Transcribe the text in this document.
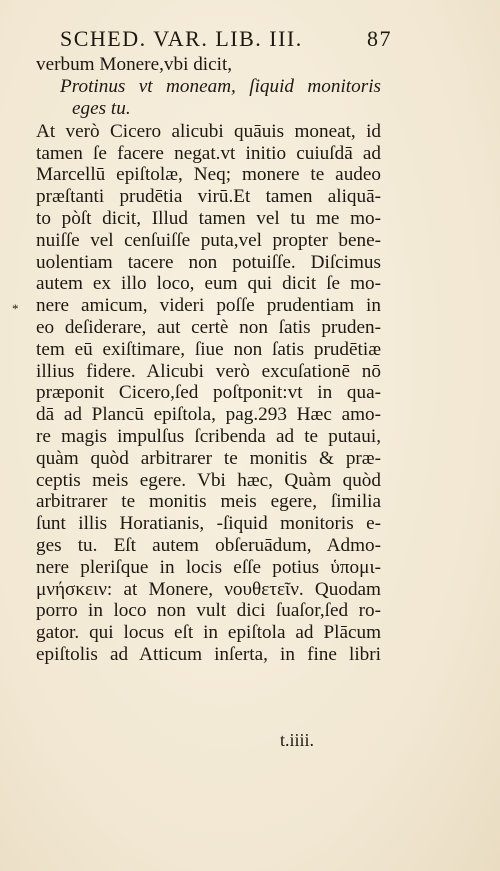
SCHED. VAR. LIB. III.	87
*
verbum Monere,vbi dicit,
Protinus vt moneam, ſiquid monitoris
eges tu.
At verò Cicero alicubi quāuis moneat, id
tamen ſe facere negat.vt initio cuiuſdā ad
Marcellū epiſtolæ, Neq; monere te audeo
præſtanti prudētia virū.Et tamen aliquā-
to pòſt dicit, Illud tamen vel tu me mo-
nuiſſe vel cenſuiſſe puta,vel propter bene-
uolentiam tacere non potuiſſe. Diſcimus
autem ex illo loco, eum qui dicit ſe mo-
nere amicum, videri poſſe prudentiam in
eo deſiderare, aut certè non ſatis pruden-
tem eū exiſtimare, ſiue non ſatis prudētiæ
illius fidere. Alicubi verò excuſationē nō
præponit Cicero,ſed poſtponit:vt in qua-
dā ad Plancū epiſtola, pag.293 Hæc amo-
re magis impulſus ſcribenda ad te putaui,
quàm quòd arbitrarer te monitis & præ-
ceptis meis egere. Vbi hæc, Quàm quòd
arbitrarer te monitis meis egere, ſimilia
ſunt illis Horatianis, -ſiquid monitoris e-
ges tu. Eſt autem obſeruādum, Admo-
nere pleriſque in locis eſſe potius ὑπομι-
μνήσκειν: at Monere, νουθετεῖν. Quodam
porro in loco non vult dici ſuaſor,ſed ro-
gator. qui locus eſt in epiſtola ad Plācum
epiſtolis ad Atticum inſerta, in fine libri
t.iiii.
